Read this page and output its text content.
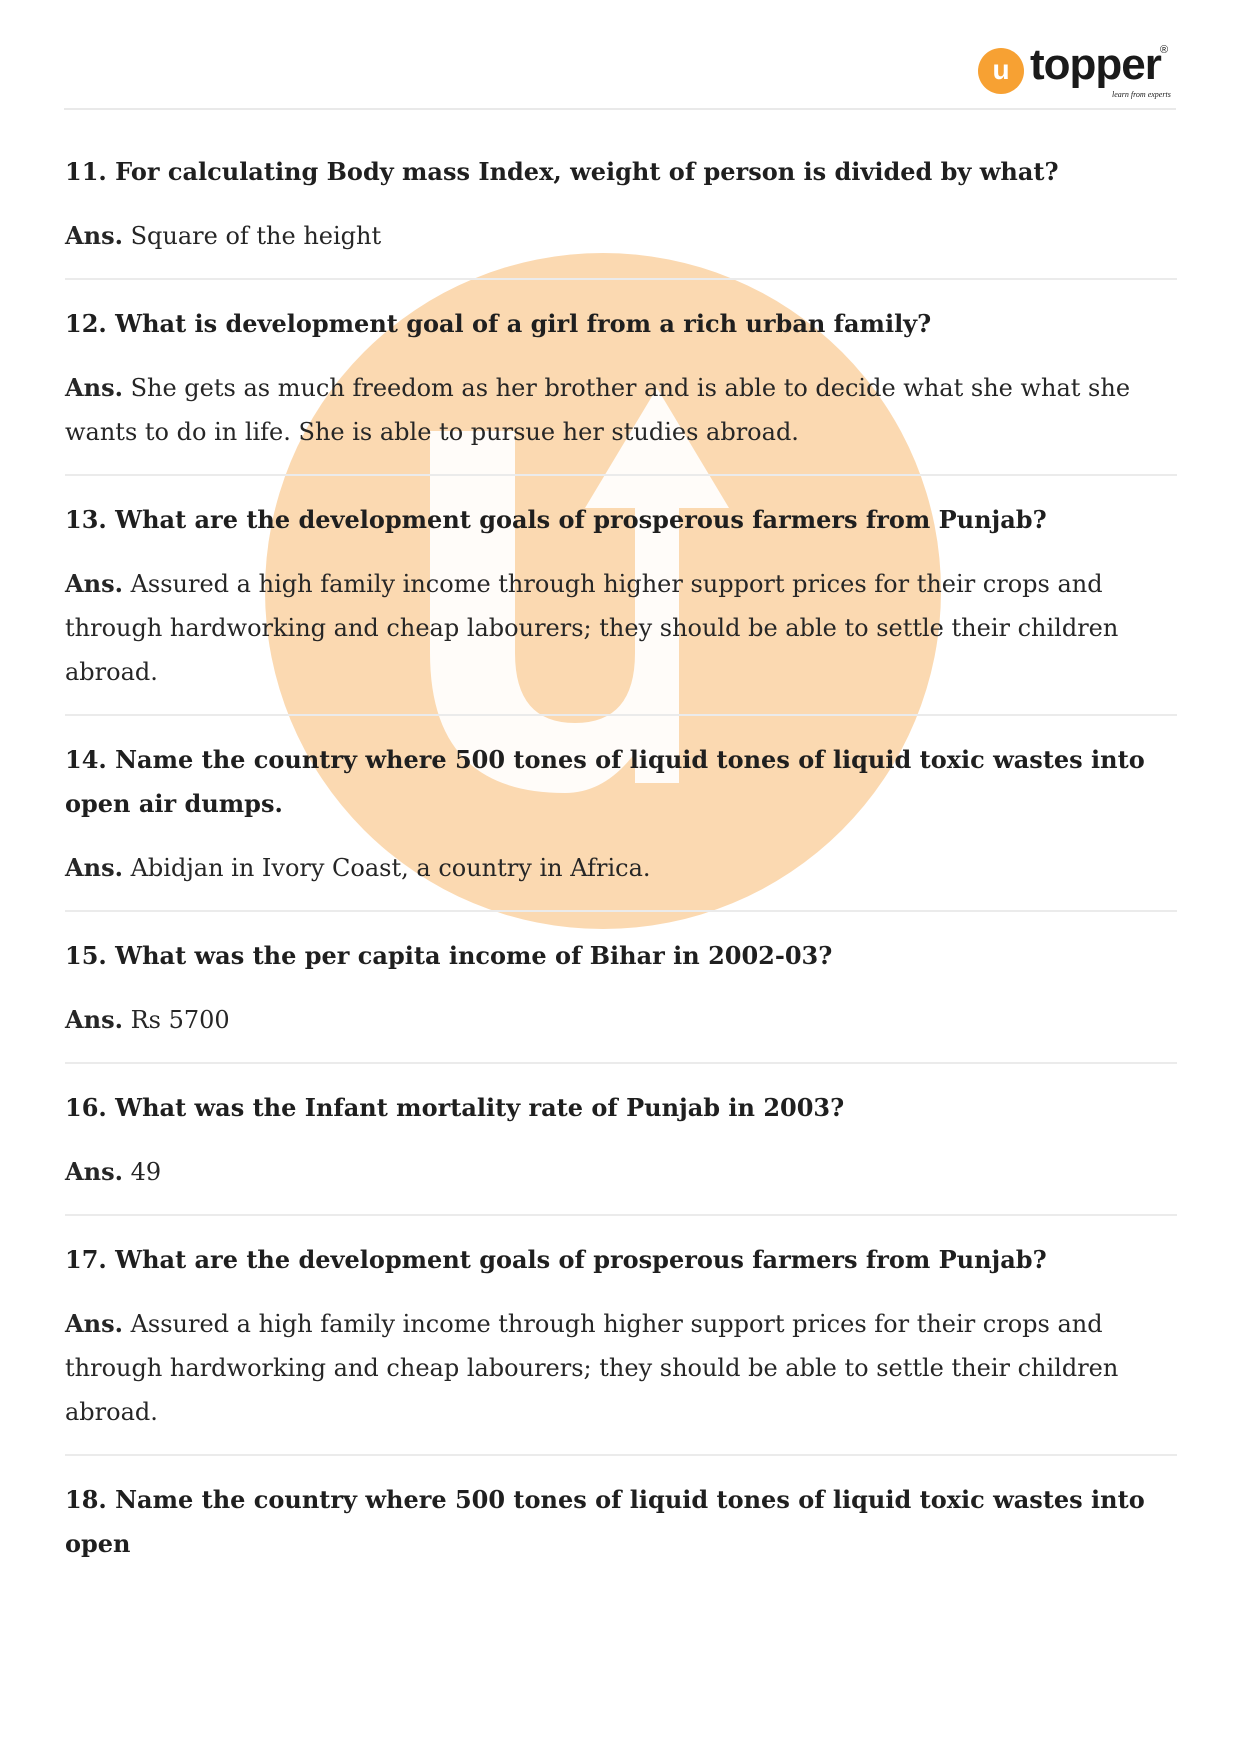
u topper ®
learn from experts

11. For calculating Body mass Index, weight of person is divided by what?

Ans. Square of the height

12. What is development goal of a girl from a rich urban family?

Ans. She gets as much freedom as her brother and is able to decide what she what she wants to do in life. She is able to pursue her studies abroad.

13. What are the development goals of prosperous farmers from Punjab?

Ans. Assured a high family income through higher support prices for their crops and through hardworking and cheap labourers; they should be able to settle their children abroad.

14. Name the country where 500 tones of liquid tones of liquid toxic wastes into open air dumps.

Ans. Abidjan in Ivory Coast, a country in Africa.

15. What was the per capita income of Bihar in 2002-03?

Ans. Rs 5700

16. What was the Infant mortality rate of Punjab in 2003?

Ans. 49

17. What are the development goals of prosperous farmers from Punjab?

Ans. Assured a high family income through higher support prices for their crops and through hardworking and cheap labourers; they should be able to settle their children abroad.

18. Name the country where 500 tones of liquid tones of liquid toxic wastes into open
